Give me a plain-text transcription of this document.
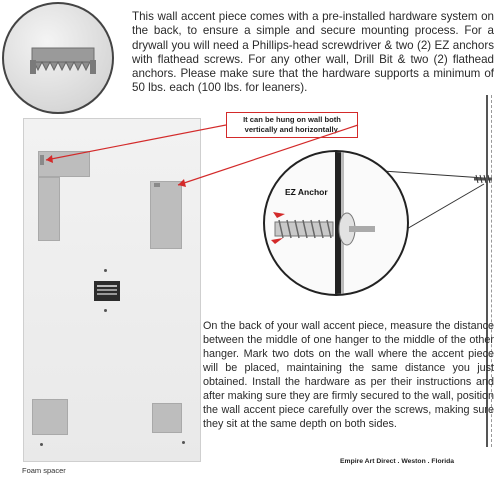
This wall accent piece comes with a pre-installed hardware system on the back, to ensure a simple and secure mounting process. For a drywall you will need a Phillips-head screwdriver & two (2) EZ anchors with flathead screws. For any other wall, Drill Bit & two (2) flathead anchors. Please make sure that the hardware supports a minimum of 50 lbs. each (100 lbs. for leaners).
Foam spacer
It can be hung on wall both vertically and horizontally.
EZ Anchor
On the back of your wall accent piece, measure the distance between the middle of one hanger to the middle of the other hanger. Mark two dots on the wall where the accent piece will be placed, maintaining the same distance you just obtained. Install the hardware as per their instructions and after making sure they are firmly secured to the wall, position the wall accent piece carefully over the screws, making sure they sit at the same depth on both sides.
Empire Art Direct . Weston . Florida
